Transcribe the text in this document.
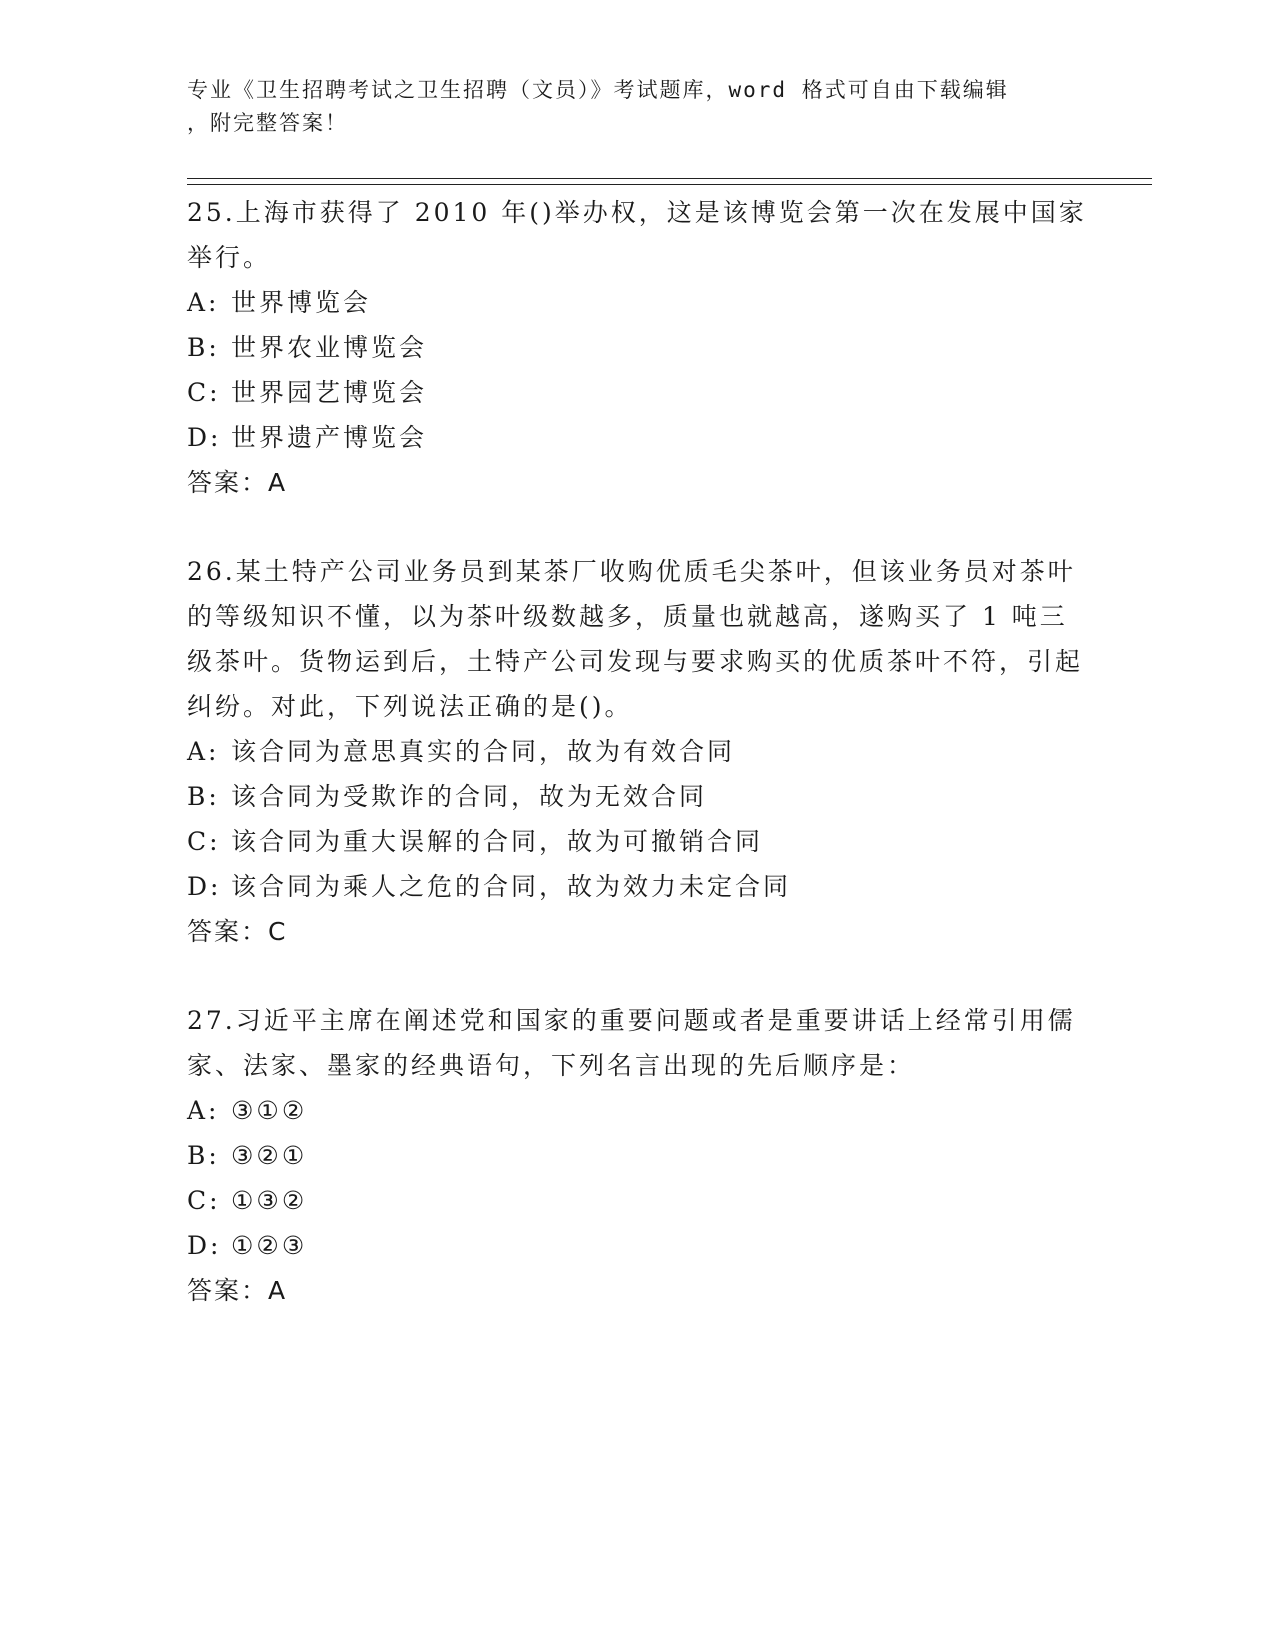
专业《卫生招聘考试之卫生招聘（文员）》考试题库，word 格式可自由下载编辑
，附完整答案！

25.上海市获得了 2010 年()举办权，这是该博览会第一次在发展中国家举行。

A: 世界博览会

B: 世界农业博览会

C: 世界园艺博览会

D: 世界遗产博览会

答案：A

26.某土特产公司业务员到某茶厂收购优质毛尖茶叶，但该业务员对茶叶的等级知识不懂，以为茶叶级数越多，质量也就越高，遂购买了 1 吨三级茶叶。货物运到后，土特产公司发现与要求购买的优质茶叶不符，引起纠纷。对此，下列说法正确的是()。

A: 该合同为意思真实的合同，故为有效合同

B: 该合同为受欺诈的合同，故为无效合同

C: 该合同为重大误解的合同，故为可撤销合同

D: 该合同为乘人之危的合同，故为效力未定合同

答案：C

27.习近平主席在阐述党和国家的重要问题或者是重要讲话上经常引用儒家、法家、墨家的经典语句，下列名言出现的先后顺序是：

A: ③①②

B: ③②①

C: ①③②

D: ①②③

答案：A
